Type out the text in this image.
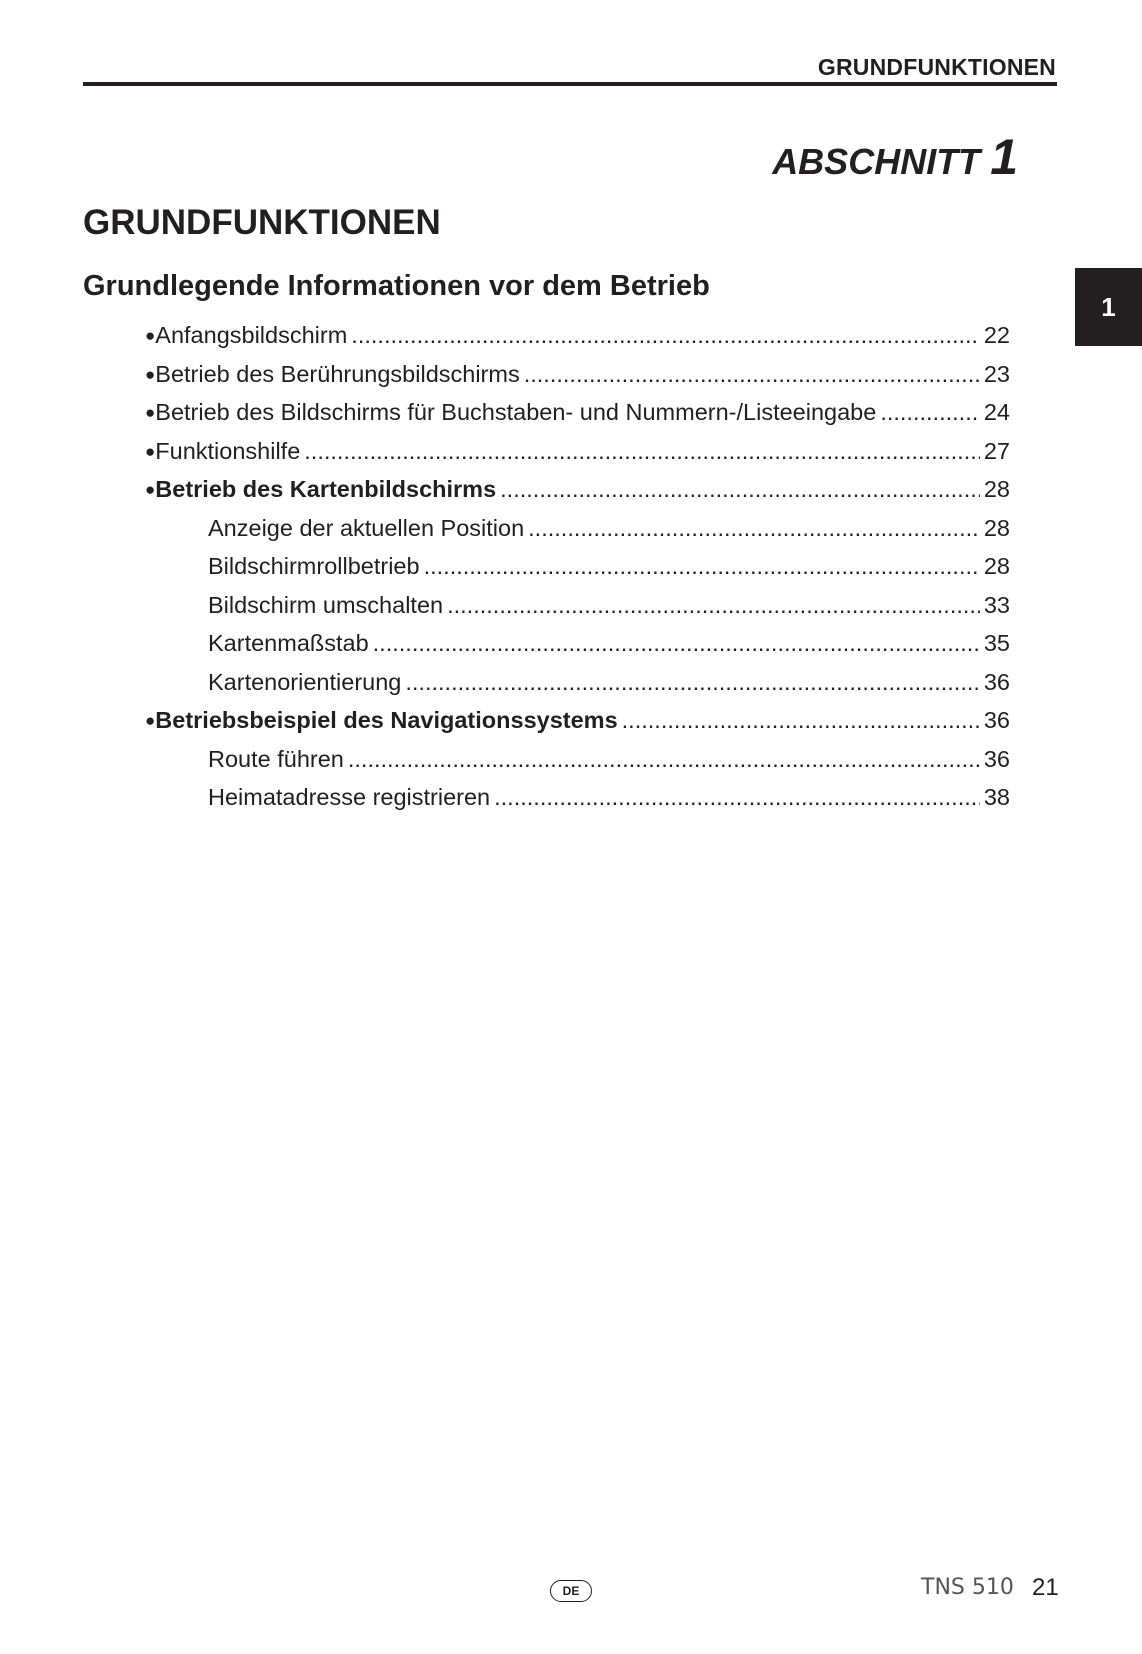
GRUNDFUNKTIONEN
ABSCHNITT 1
GRUNDFUNKTIONEN
Grundlegende Informationen vor dem Betrieb
● Anfangsbildschirm .....	22
● Betrieb des Berührungsbildschirms .....	23
● Betrieb des Bildschirms für Buchstaben- und Nummern-/Listeeingabe .....	24
● Funktionshilfe .....	27
● Betrieb des Kartenbildschirms .....	28
Anzeige der aktuellen Position .....	28
Bildschirmrollbetrieb .....	28
Bildschirm umschalten .....	33
Kartenmaßstab .....	35
Kartenorientierung .....	36
● Betriebsbeispiel des Navigationssystems .....	36
Route führen .....	36
Heimatadresse registrieren .....	38
1
DE	TNS 510 21
